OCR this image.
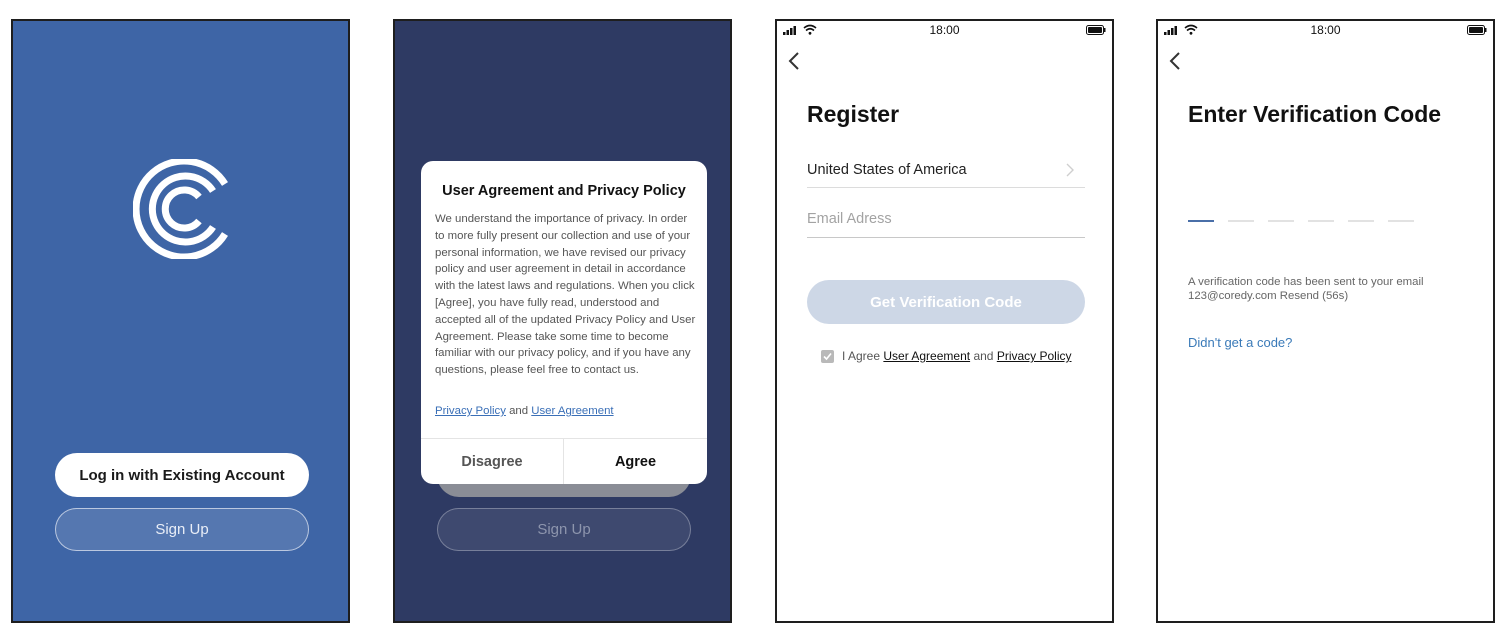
Log in with Existing Account
Sign Up	Sign Up
User Agreement and Privacy Policy
We understand the importance of privacy. In order to more fully present our collection and use of your personal information, we have revised our privacy policy and user agreement in detail in accordance with the latest laws and regulations. When you click [Agree], you have fully read, understood and accepted all of the updated Privacy Policy and User Agreement. Please take some time to become familiar with our privacy policy, and if you have any questions, please feel free to contact us.
Privacy Policy and User Agreement
Disagree	Agree
18:00
Register
United States of America
Email Adress
Get Verification Code
I Agree
User Agreement
and
Privacy Policy
18:00
Enter Verification Code
A verification code has been sent to your email
123@coredy.com Resend (56s)
Didn't get a code?
